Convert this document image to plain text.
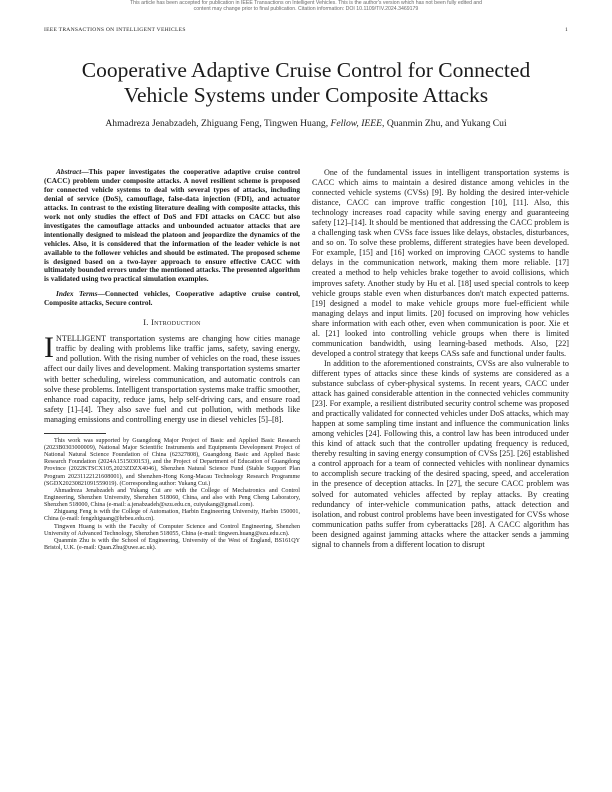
This article has been accepted for publication in IEEE Transactions on Intelligent Vehicles. This is the author's version which has not been fully edited and

content may change prior to final publication. Citation information: DOI 10.1109/TIV.2024.3469179

IEEE TRANSACTIONS ON INTELLIGENT VEHICLES	1
Cooperative Adaptive Cruise Control for Connected
Vehicle Systems under Composite Attacks
Ahmadreza Jenabzadeh, Zhiguang Feng, Tingwen Huang, Fellow, IEEE, Quanmin Zhu, and Yukang Cui

Abstract—This paper investigates the cooperative adaptive cruise control (CACC) problem under composite attacks. A novel resilient scheme is proposed for connected vehicle systems to deal with several types of attacks, including denial of service (DoS), camouflage, false-data injection (FDI), and actuator attacks. In contrast to the existing literature dealing with composite attacks, this work not only studies the effect of DoS and FDI attacks on CACC but also investigates the camouflage attacks and unbounded actuator attacks that are intentionally designed to mislead the platoon and jeopardize the dynamics of the vehicles. Also, it is considered that the information of the leader vehicle is not available to the follower vehicles and should be estimated. The proposed scheme is designed based on a two-layer approach to ensure effective CACC with ultimately bounded errors under the mentioned attacks. The presented algorithm is validated using two practical simulation examples.

Index Terms—Connected vehicles, Cooperative adaptive cruise control, Composite attacks, Secure control.

I. Introduction

INTELLIGENT transportation systems are changing how cities manage traffic by dealing with problems like traffic jams, safety, saving energy, and pollution. With the rising number of vehicles on the road, these issues affect our daily lives and development. Making transportation systems smarter with better scheduling, wireless communication, and automatic controls can solve these problems. Intelligent transportation systems make traffic smoother, enhance road capacity, reduce jams, help self-driving cars, and ensure road safety [1]–[4]. They also save fuel and cut pollution, with methods like managing emissions and controlling energy use in diesel vehicles [5]–[8].

This work was supported by Guangdong Major Project of Basic and Applied Basic Research (2023B0303000009), National Major Scientific Instruments and Equipments Development Project of National Natural Science Foundation of China (62327808), Guangdong Basic and Applied Basic Research Foundation (2024A1515030153), and the Project of Department of Education of Guangdong Province (2022KTSCX105,2023ZDZX4046), Shenzhen Natural Science Fund (Stable Support Plan Program 20231122121608001), and Shenzhen-Hong Kong-Macau Technology Research Programme (SGDX20230821091559019). (Corresponding author: Yukang Cui.)

Ahmadreza Jenabzadeh and Yukang Cui are with the College of Mechatronics and Control Engineering, Shenzhen University, Shenzhen 518060, China, and also with Peng Cheng Laboratory, Shenzhen 518000, China (e-mail: a.jenabzadeh@szu.edu.cn, cuiyukang@gmail.com).

Zhiguang Feng is with the College of Automation, Harbin Engineering University, Harbin 150001, China (e-mail: fengzhiguang@hrbeu.edu.cn).

Tingwen Huang is with the Faculty of Computer Science and Control Engineering, Shenzhen University of Advanced Technology, Shenzhen 518055, China (e-mail: tingwen.huang@szu.edu.cn).

Quanmin Zhu is with the School of Engineering, University of the West of England, BS161QY Bristol, U.K. (e-mail: Quan.Zhu@uwe.ac.uk).

One of the fundamental issues in intelligent transportation systems is CACC which aims to maintain a desired distance among vehicles in the connected vehicle systems (CVSs) [9]. By holding the desired inter-vehicle distance, CACC can improve traffic congestion [10], [11]. Also, this technology increases road capacity while saving energy and guaranteeing safety [12]–[14]. It should be mentioned that addressing the CACC problem is a challenging task when CVSs face issues like delays, obstacles, disturbances, and so on. To solve these problems, different strategies have been developed. For example, [15] and [16] worked on improving CACC systems to handle delays in the communication network, making them more reliable. [17] created a method to help vehicles brake together to avoid collisions, which improves safety. Another study by Hu et al. [18] used special controls to keep vehicle groups stable even when disturbances don't match expected patterns. [19] designed a model to make vehicle groups more fuel-efficient while managing delays and input limits. [20] focused on improving how vehicles share information with each other, even when communication is poor. Xie et al. [21] looked into controlling vehicle groups when there is limited communication bandwidth, using learning-based methods. Also, [22] developed a control strategy that keeps CASs safe and functional under faults.

In addition to the aforementioned constraints, CVSs are also vulnerable to different types of attacks since these kinds of systems are considered as a substance subclass of cyber-physical systems. In recent years, CACC under attack has gained considerable attention in the connected vehicles community [23]. For example, a resilient distributed security control scheme was proposed and practically validated for connected vehicles under DoS attacks, which may happen at some sampling time instant and influence the communication links among vehicles [24]. Following this, a control law has been introduced under this kind of attack such that the controller updating frequency is reduced, thereby resulting in saving energy consumption of CVSs [25]. [26] established a control approach for a team of connected vehicles with nonlinear dynamics to accomplish secure tracking of the desired spacing, speed, and acceleration in the presence of deception attacks. In [27], the secure CACC problem was solved for automated vehicles affected by replay attacks. By creating redundancy of inter-vehicle communication paths, attack detection and isolation, and robust control problems have been investigated for CVSs whose communication paths suffer from cyberattacks [28]. A CACC algorithm has been designed against jamming attacks where the attacker sends a jamming signal to channels from a different location to disrupt
